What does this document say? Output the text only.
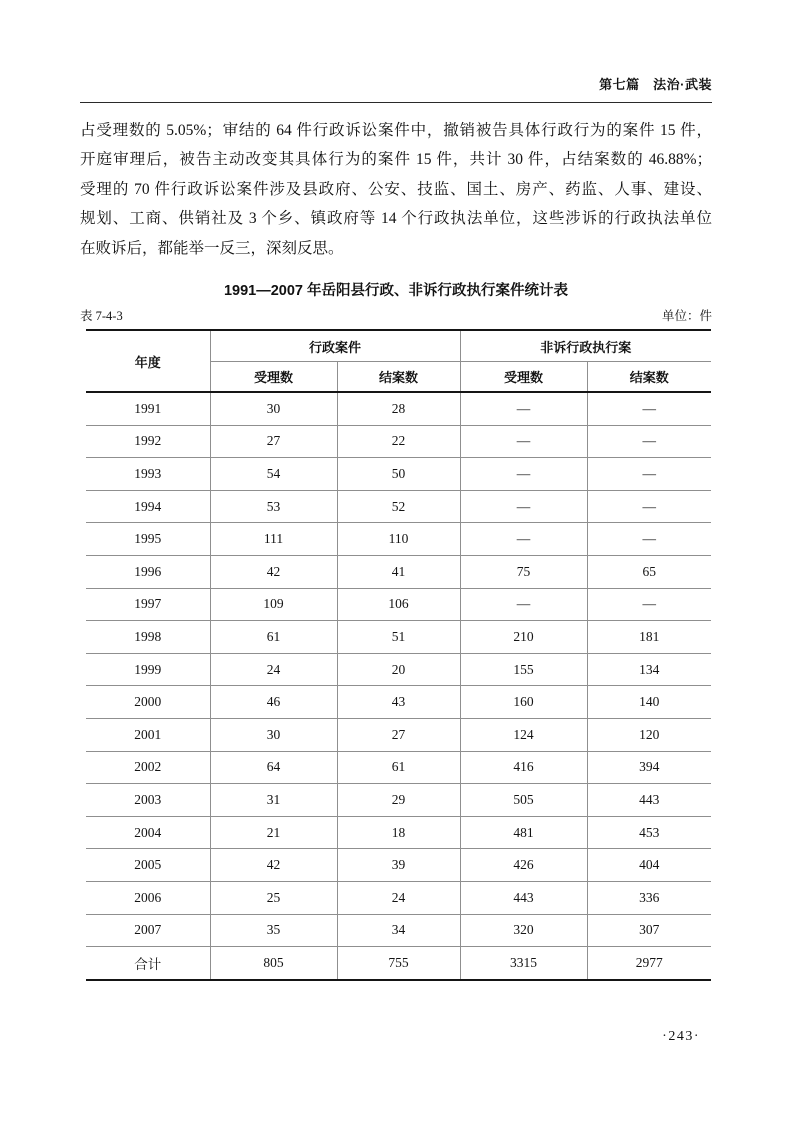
第七篇　法治·武装
占受理数的 5.05%；审结的 64 件行政诉讼案件中，撤销被告具体行政行为的案件 15 件，
开庭审理后，被告主动改变其具体行为的案件 15 件，共计 30 件，占结案数的 46.88%；
受理的 70 件行政诉讼案件涉及县政府、公安、技监、国土、房产、药监、人事、建设、
规划、工商、供销社及 3 个乡、镇政府等 14 个行政执法单位，这些涉诉的行政执法单位
在败诉后，都能举一反三，深刻反思。
1991—2007 年岳阳县行政、非诉行政执行案件统计表
表 7-4-3	单位：件
年度	行政案件		非诉行政执行案	
	受理数	结案数	受理数	结案数
1991	30	28	—	—
1992	27	22	—	—
1993	54	50	—	—
1994	53	52	—	—
1995	111	110	—	—
1996	42	41	75	65
1997	109	106	—	—
1998	61	51	210	181
1999	24	20	155	134
2000	46	43	160	140
2001	30	27	124	120
2002	64	61	416	394
2003	31	29	505	443
2004	21	18	481	453
2005	42	39	426	404
2006	25	24	443	336
2007	35	34	320	307
合计	805	755	3315	2977
·243·
